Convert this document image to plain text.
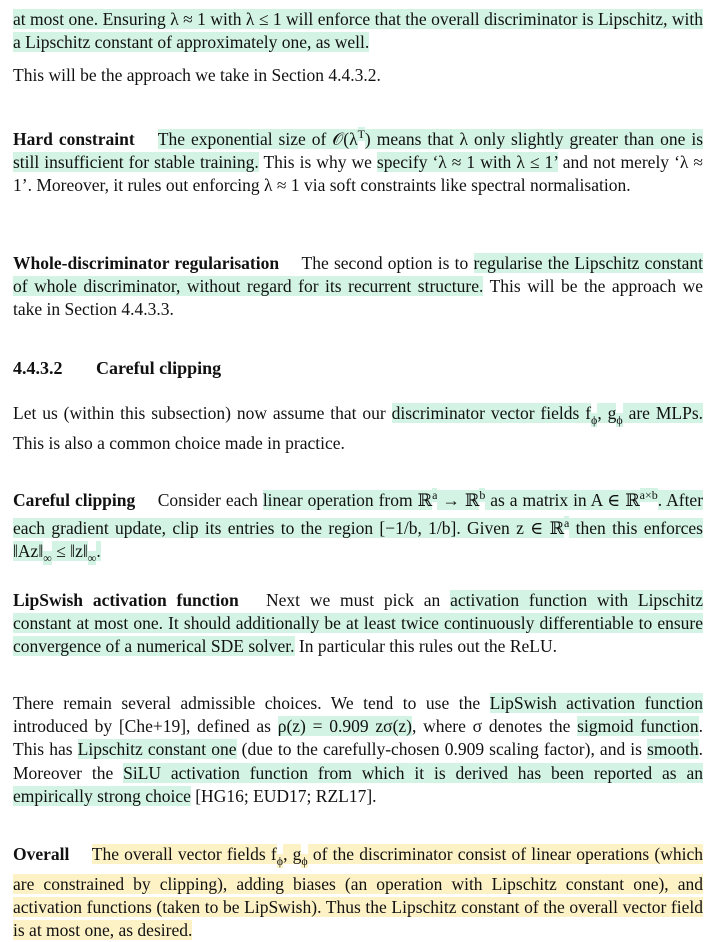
at most one. Ensuring λ ≈ 1 with λ ≤ 1 will enforce that the overall discriminator is Lipschitz, with a Lipschitz constant of approximately one, as well.

This will be the approach we take in Section 4.4.3.2.

Hard constraint  The exponential size of $𝒪(\lambda^T)$ means that λ only slightly greater than one is still insufficient for stable training. This is why we specify ‘λ ≈ 1 with λ ≤ 1’ and not merely ‘λ ≈ 1’. Moreover, it rules out enforcing λ ≈ 1 via soft constraints like spectral normalisation.

Whole-discriminator regularisation  The second option is to regularise the Lipschitz constant of whole discriminator, without regard for its recurrent structure. This will be the approach we take in Section 4.4.3.3.

4.4.3.2 Careful clipping

Let us (within this subsection) now assume that our discriminator vector fields $f_\phi$, $g_\phi$ are MLPs. This is also a common choice made in practice.

Careful clipping  Consider each linear operation from ℝ$^a$ → ℝ$^b$ as a matrix in A ∈ ℝ$^{a\times b}$. After each gradient update, clip its entries to the region [−1/b, 1/b]. Given z ∈ ℝ$^a$ then this enforces $‖Az‖_\infty$ ≤ $‖z‖_\infty$.

LipSwish activation function  Next we must pick an activation function with Lipschitz constant at most one. It should additionally be at least twice continuously differentiable to ensure convergence of a numerical SDE solver. In particular this rules out the ReLU.

There remain several admissible choices. We tend to use the LipSwish activation function introduced by [Che+19], defined as ρ(z) = 0.909 zσ(z), where σ denotes the sigmoid function. This has Lipschitz constant one (due to the carefully-chosen 0.909 scaling factor), and is smooth. Moreover the SiLU activation function from which it is derived has been reported as an empirically strong choice [HG16; EUD17; RZL17].

Overall  The overall vector fields $f_\phi$, $g_\phi$ of the discriminator consist of linear operations (which are constrained by clipping), adding biases (an operation with Lipschitz constant one), and activation functions (taken to be LipSwish). Thus the Lipschitz constant of the overall vector field is at most one, as desired.
